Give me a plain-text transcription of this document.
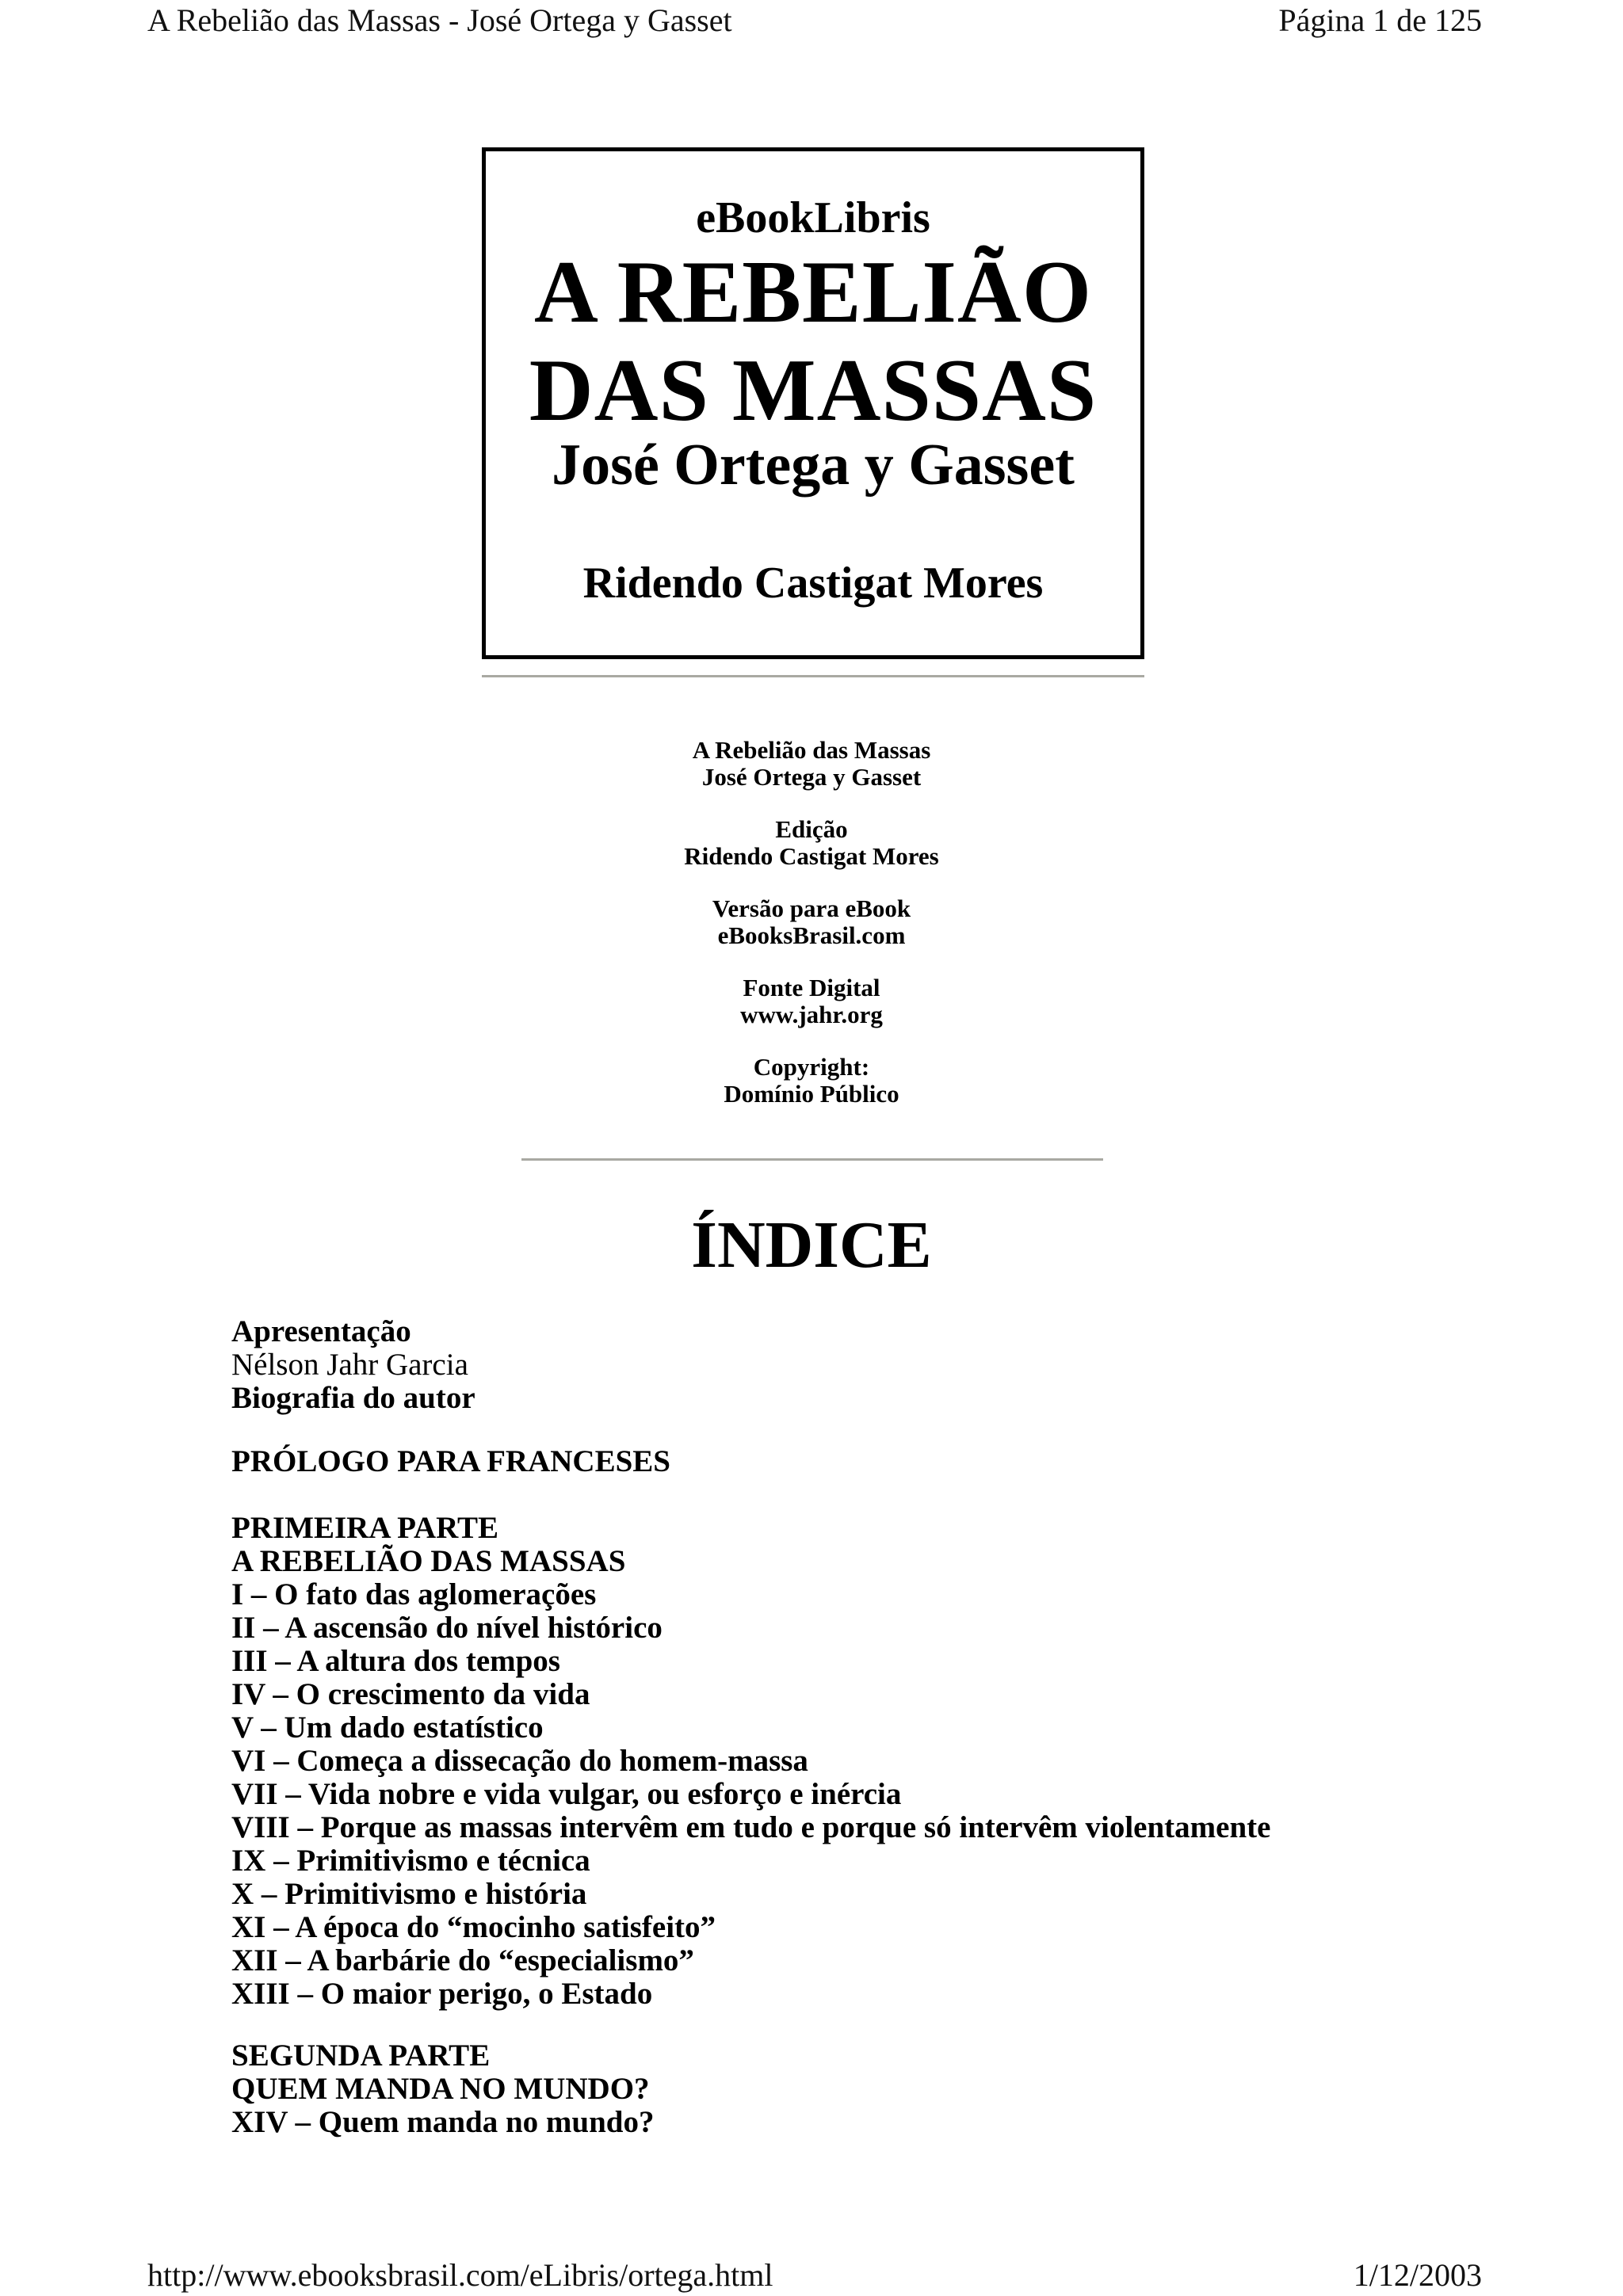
A Rebelião das Massas - José Ortega y Gasset	Página 1 de 125
eBookLibris
A REBELIÃO
DAS MASSAS
José Ortega y Gasset
Ridendo Castigat Mores
A Rebelião das Massas
José Ortega y Gasset
Edição
Ridendo Castigat Mores
Versão para eBook
eBooksBrasil.com
Fonte Digital
www.jahr.org
Copyright:
Domínio Público
ÍNDICE
Apresentação
Nélson Jahr Garcia
Biografia do autor
PRÓLOGO PARA FRANCESES
PRIMEIRA PARTE
A REBELIÃO DAS MASSAS
I – O fato das aglomerações
II – A ascensão do nível histórico
III – A altura dos tempos
IV – O crescimento da vida
V – Um dado estatístico
VI – Começa a dissecação do homem-massa
VII – Vida nobre e vida vulgar, ou esforço e inércia
VIII – Porque as massas intervêm em tudo e porque só intervêm violentamente
IX – Primitivismo e técnica
X – Primitivismo e história
XI – A época do “mocinho satisfeito”
XII – A barbárie do “especialismo”
XIII – O maior perigo, o Estado
SEGUNDA PARTE
QUEM MANDA NO MUNDO?
XIV – Quem manda no mundo?
http://www.ebooksbrasil.com/eLibris/ortega.html	1/12/2003
